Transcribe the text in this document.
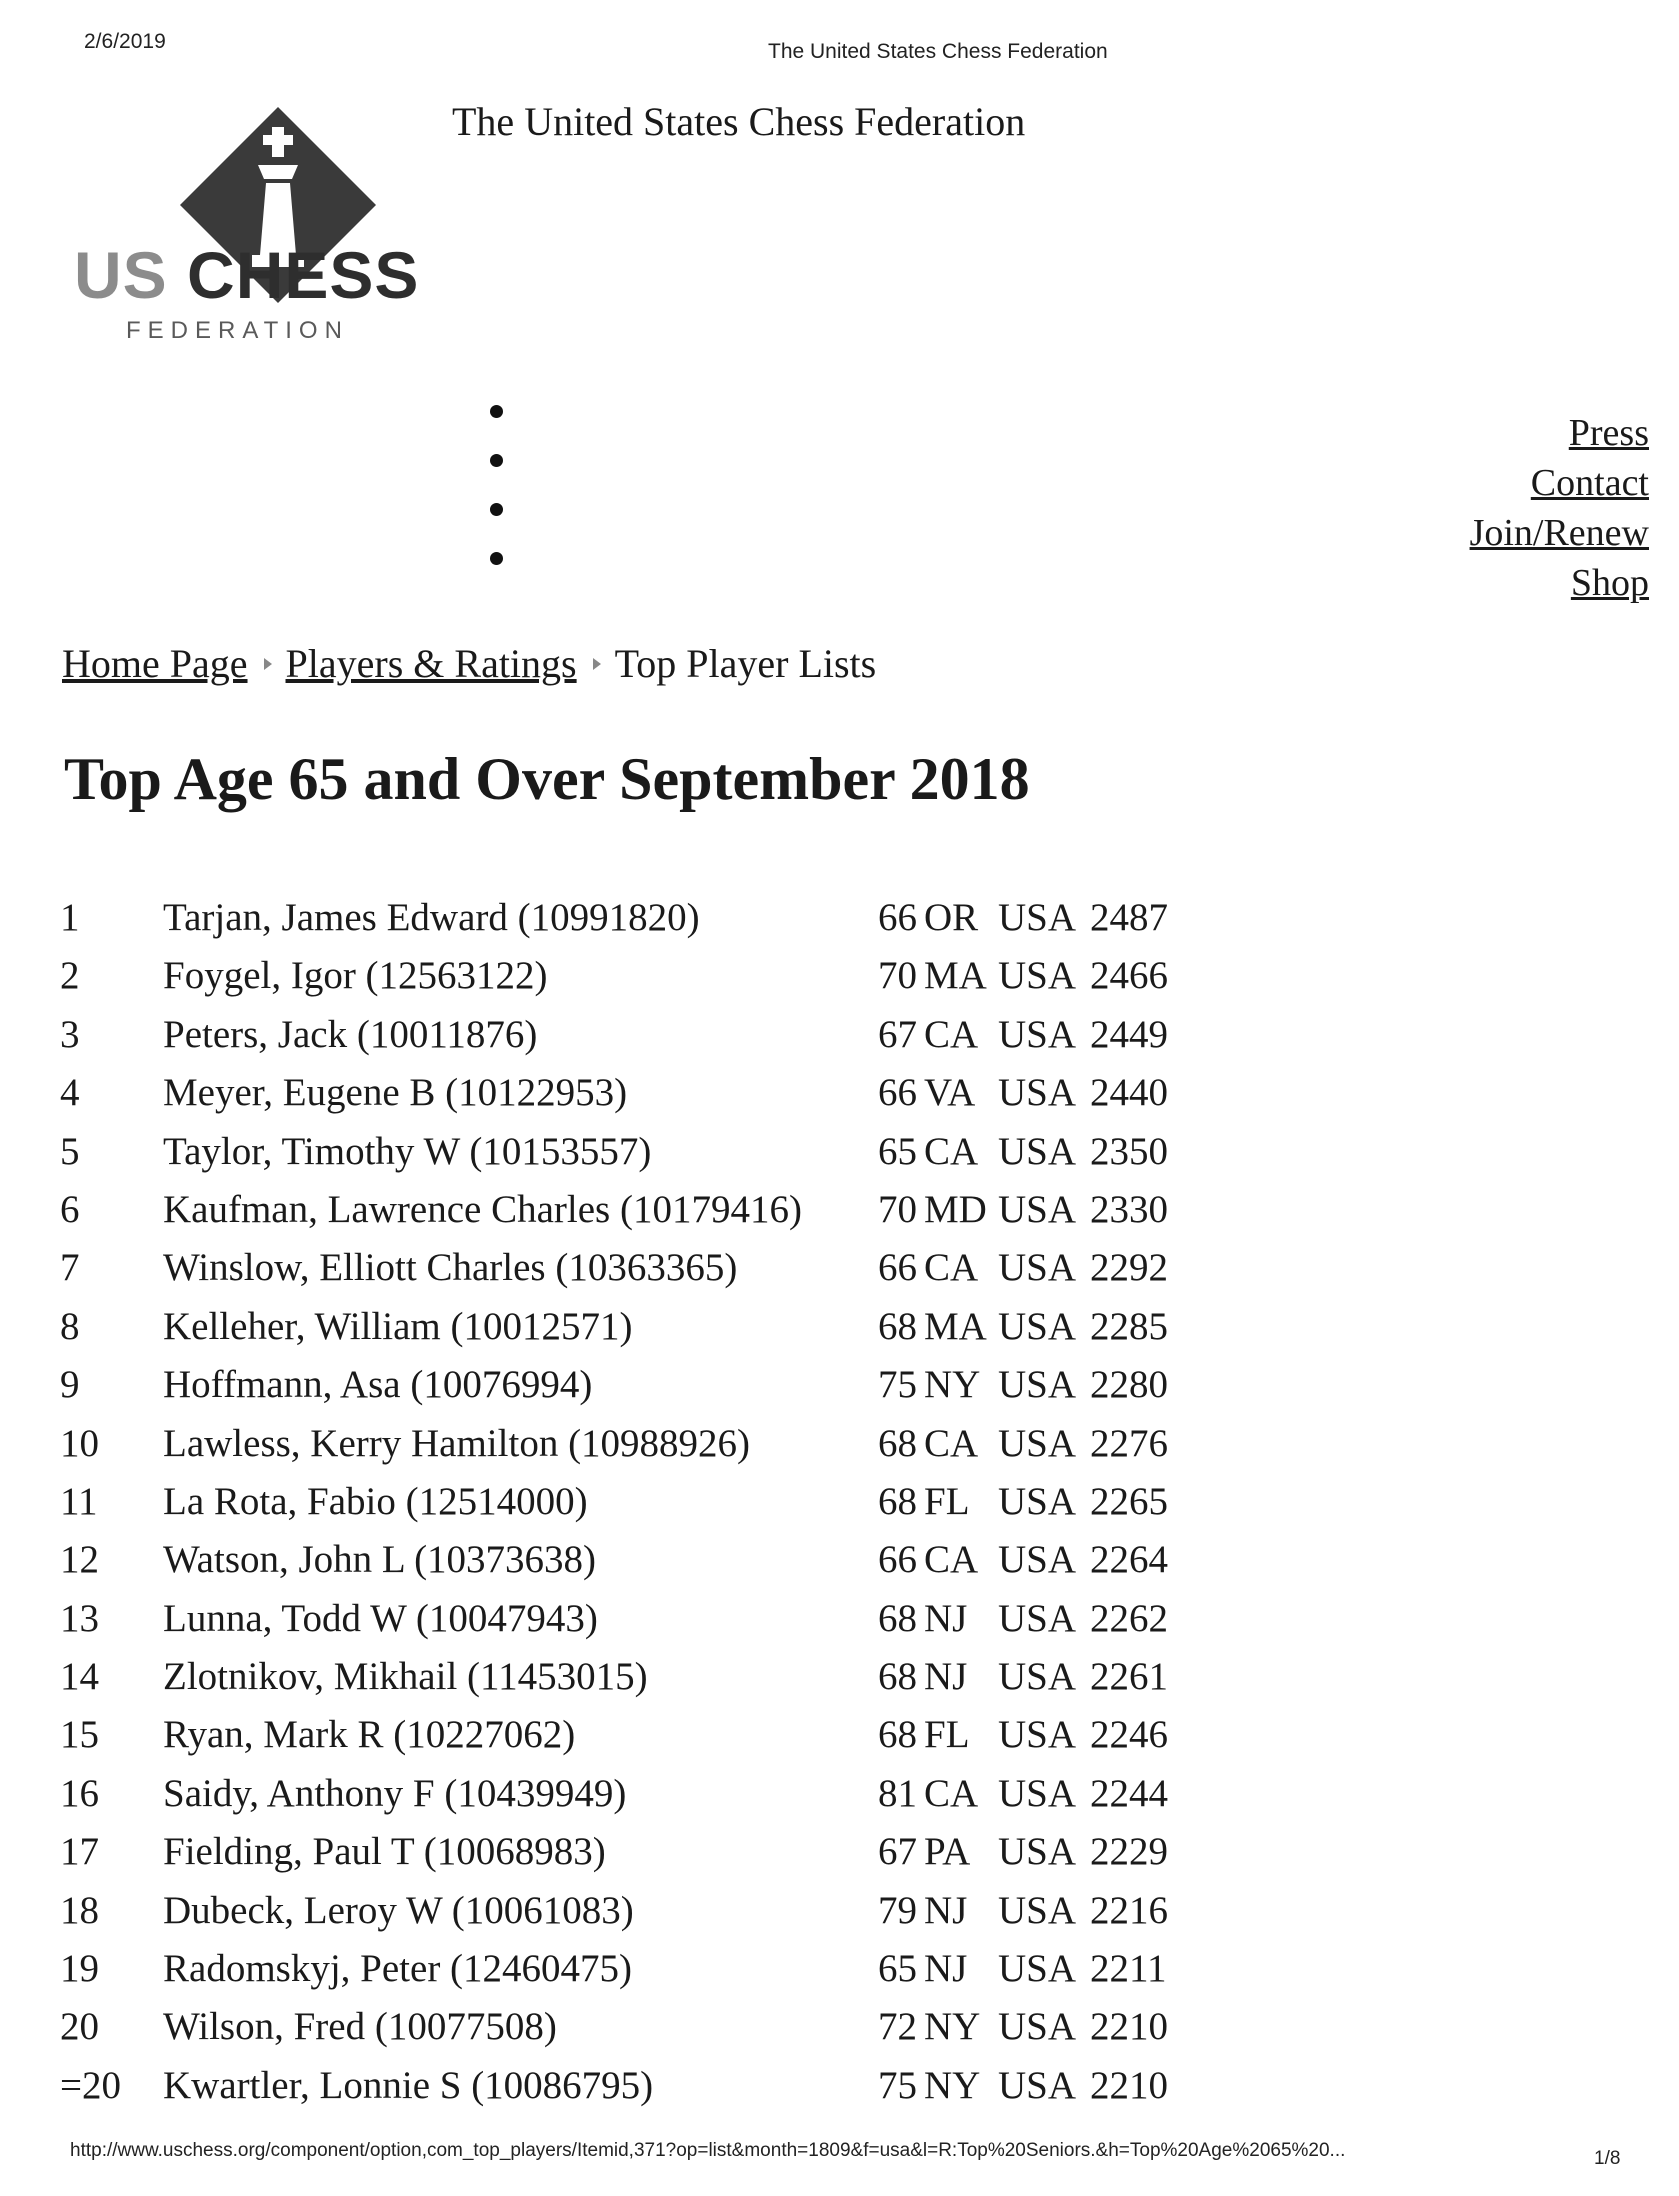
2/6/2019	The United States Chess Federation
US CHESS
FEDERATION
The United States Chess Federation
Press
Contact
Join/Renew
Shop
Home Page Players & Ratings Top Player Lists
Top Age 65 and Over September 2018
1	Tarjan, James Edward (10991820)	66 OR USA 2487
2	Foygel, Igor (12563122)	70 MA USA 2466
3	Peters, Jack (10011876)	67 CA USA 2449
4	Meyer, Eugene B (10122953)	66 VA USA 2440
5	Taylor, Timothy W (10153557)	65 CA USA 2350
6	Kaufman, Lawrence Charles (10179416)	70 MD USA 2330
7	Winslow, Elliott Charles (10363365)	66 CA USA 2292
8	Kelleher, William (10012571)	68 MA USA 2285
9	Hoffmann, Asa (10076994)	75 NY USA 2280
10	Lawless, Kerry Hamilton (10988926)	68 CA USA 2276
11	La Rota, Fabio (12514000)	68 FL USA 2265
12	Watson, John L (10373638)	66 CA USA 2264
13	Lunna, Todd W (10047943)	68 NJ USA 2262
14	Zlotnikov, Mikhail (11453015)	68 NJ USA 2261
15	Ryan, Mark R (10227062)	68 FL USA 2246
16	Saidy, Anthony F (10439949)	81 CA USA 2244
17	Fielding, Paul T (10068983)	67 PA USA 2229
18	Dubeck, Leroy W (10061083)	79 NJ USA 2216
19	Radomskyj, Peter (12460475)	65 NJ USA 2211
20	Wilson, Fred (10077508)	72 NY USA 2210
=20	Kwartler, Lonnie S (10086795)	75 NY USA 2210
http://www.uschess.org/component/option,com_top_players/Itemid,371?op=list&month=1809&f=usa&l=R:Top%20Seniors.&h=Top%20Age%2065%20...	1/8
